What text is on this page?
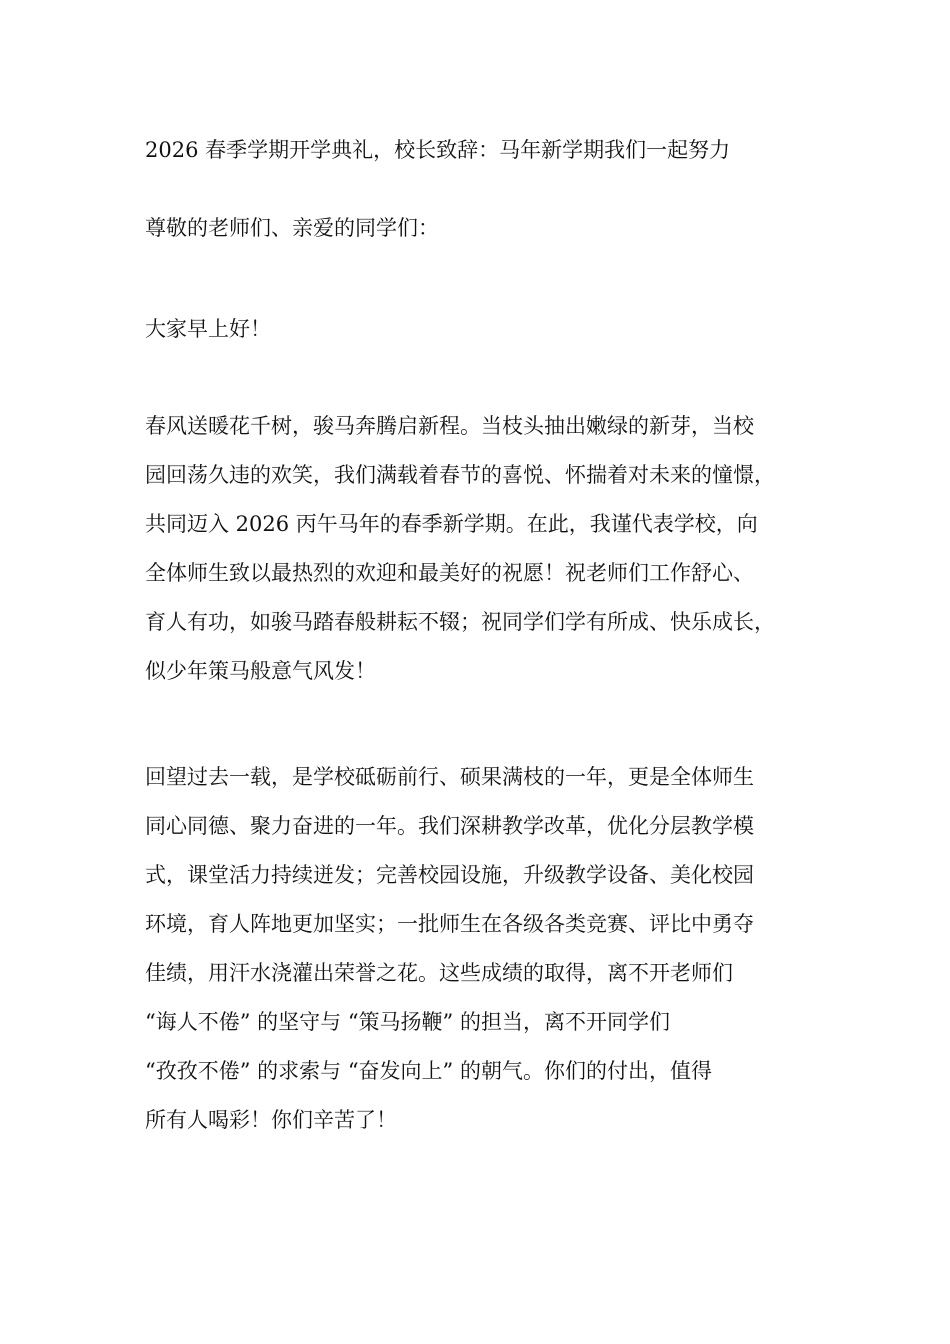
2026 春季学期开学典礼，校长致辞：马年新学期我们一起努力
尊敬的老师们、亲爱的同学们：
大家早上好！
春风送暖花千树，骏马奔腾启新程。当枝头抽出嫩绿的新芽，当校
园回荡久违的欢笑，我们满载着春节的喜悦、怀揣着对未来的憧憬，
共同迈入 2026 丙午马年的春季新学期。在此，我谨代表学校，向
全体师生致以最热烈的欢迎和最美好的祝愿！祝老师们工作舒心、
育人有功，如骏马踏春般耕耘不辍；祝同学们学有所成、快乐成长，
似少年策马般意气风发！
回望过去一载，是学校砥砺前行、硕果满枝的一年，更是全体师生
同心同德、聚力奋进的一年。我们深耕教学改革，优化分层教学模
式，课堂活力持续迸发；完善校园设施，升级教学设备、美化校园
环境，育人阵地更加坚实；一批师生在各级各类竞赛、评比中勇夺
佳绩，用汗水浇灌出荣誉之花。这些成绩的取得，离不开老师们
“诲人不倦” 的坚守与 “策马扬鞭” 的担当，离不开同学们
“孜孜不倦” 的求索与 “奋发向上” 的朝气。你们的付出，值得
所有人喝彩！你们辛苦了！
